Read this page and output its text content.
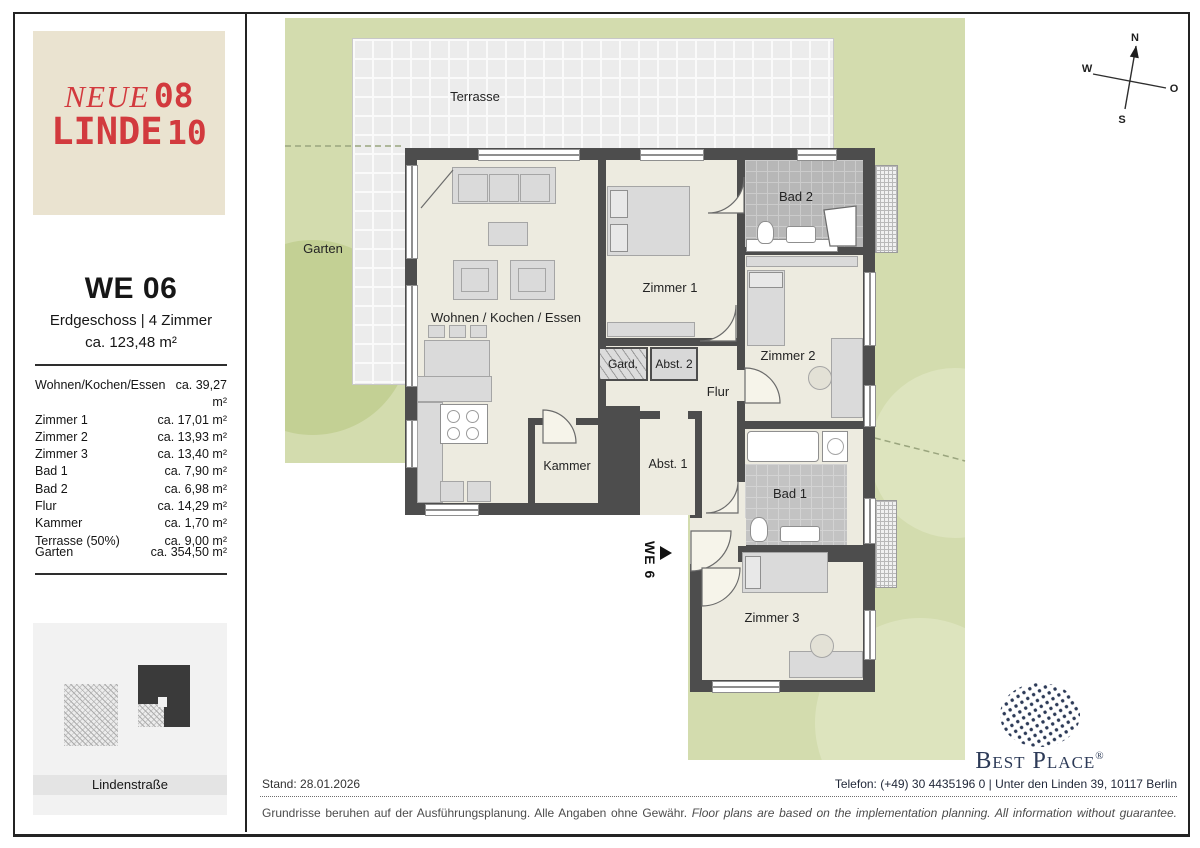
Gard. Abst. 2
Terrasse
Garten
Wohnen / Kochen / Essen
Zimmer 1
Bad 2
Zimmer 2
Flur
Kammer	Abst. 1
Bad 1
Zimmer 3
WE 6
N
S
W
O
NEUE 08
LINDE 10
WE 06
Erdgeschoss | 4 Zimmer
ca. 123,48 m²
Wohnen/Kochen/Essen ca. 39,27 m²
Zimmer 1	ca. 17,01 m²
Zimmer 2	ca. 13,93 m²
Zimmer 3	ca. 13,40 m²
Bad 1	ca. 7,90 m²
Bad 2	ca. 6,98 m²
Flur	ca. 14,29 m²
Kammer	ca. 1,70 m²
Terrasse (50%)	ca. 9,00 m²
Garten	ca. 354,50 m²
Lindenstraße
Best Place®
Telefon: (+49) 30 4435196 0 | Unter den Linden 39, 10117 Berlin
Stand: 28.01.2026
Grundrisse beruhen auf der Ausführungsplanung. Alle Angaben ohne Gewähr. Floor plans are based on the implementation planning. All information without guarantee.
